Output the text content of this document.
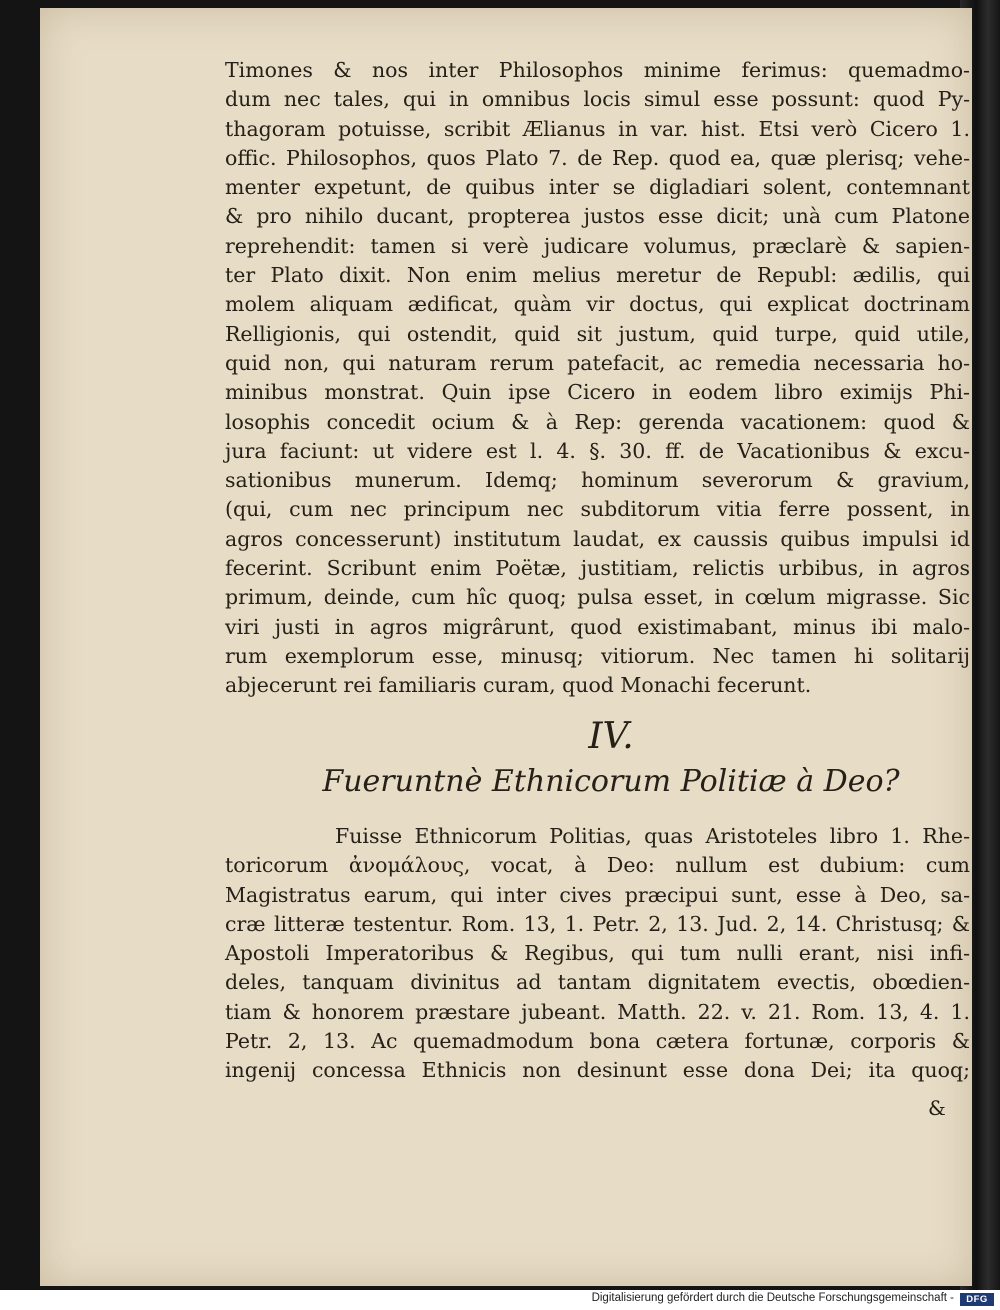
Timones & nos inter Philosophos minime ferimus: quemadmo-
dum nec tales, qui in omnibus locis simul esse possunt: quod Py-
thagoram potuisse, scribit Ælianus in var. hist. Etsi verò Cicero 1.
offic. Philosophos, quos Plato 7. de Rep. quod ea, quæ plerisq; vehe-
menter expetunt, de quibus inter se digladiari solent, contemnant
& pro nihilo ducant, propterea justos esse dicit; unà cum Platone
reprehendit: tamen si verè judicare volumus, præclarè & sapien-
ter Plato dixit. Non enim melius meretur de Republ: ædilis, qui
molem aliquam ædificat, quàm vir doctus, qui explicat doctrinam
Relligionis, qui ostendit, quid sit justum, quid turpe, quid utile,
quid non, qui naturam rerum patefacit, ac remedia necessaria ho-
minibus monstrat. Quin ipse Cicero in eodem libro eximijs Phi-
losophis concedit ocium & à Rep: gerenda vacationem: quod &
jura faciunt: ut videre est l. 4. §. 30. ff. de Vacationibus & excu-
sationibus munerum. Idemq; hominum severorum & gravium,
(qui, cum nec principum nec subditorum vitia ferre possent, in
agros concesserunt) institutum laudat, ex caussis quibus impulsi id
fecerint. Scribunt enim Poëtæ, justitiam, relictis urbibus, in agros
primum, deinde, cum hîc quoq; pulsa esset, in cœlum migrasse. Sic
viri justi in agros migrârunt, quod existimabant, minus ibi malo-
rum exemplorum esse, minusq; vitiorum. Nec tamen hi solitarij
abjecerunt rei familiaris curam, quod Monachi fecerunt.
IV.
Fueruntnè Ethnicorum Politiæ à Deo?
Fuisse Ethnicorum Politias, quas Aristoteles libro 1. Rhe-
toricorum ἀνομάλους, vocat, à Deo: nullum est dubium: cum
Magistratus earum, qui inter cives præcipui sunt, esse à Deo, sa-
cræ litteræ testentur. Rom. 13, 1. Petr. 2, 13. Jud. 2, 14. Christusq; &
Apostoli Imperatoribus & Regibus, qui tum nulli erant, nisi infi-
deles, tanquam divinitus ad tantam dignitatem evectis, obœdien-
tiam & honorem præstare jubeant. Matth. 22. v. 21. Rom. 13, 4. 1.
Petr. 2, 13. Ac quemadmodum bona cætera fortunæ, corporis &
ingenij concessa Ethnicis non desinunt esse dona Dei; ita quoq;
&
Digitalisierung gefördert durch die Deutsche Forschungsgemeinschaft -	DFG
